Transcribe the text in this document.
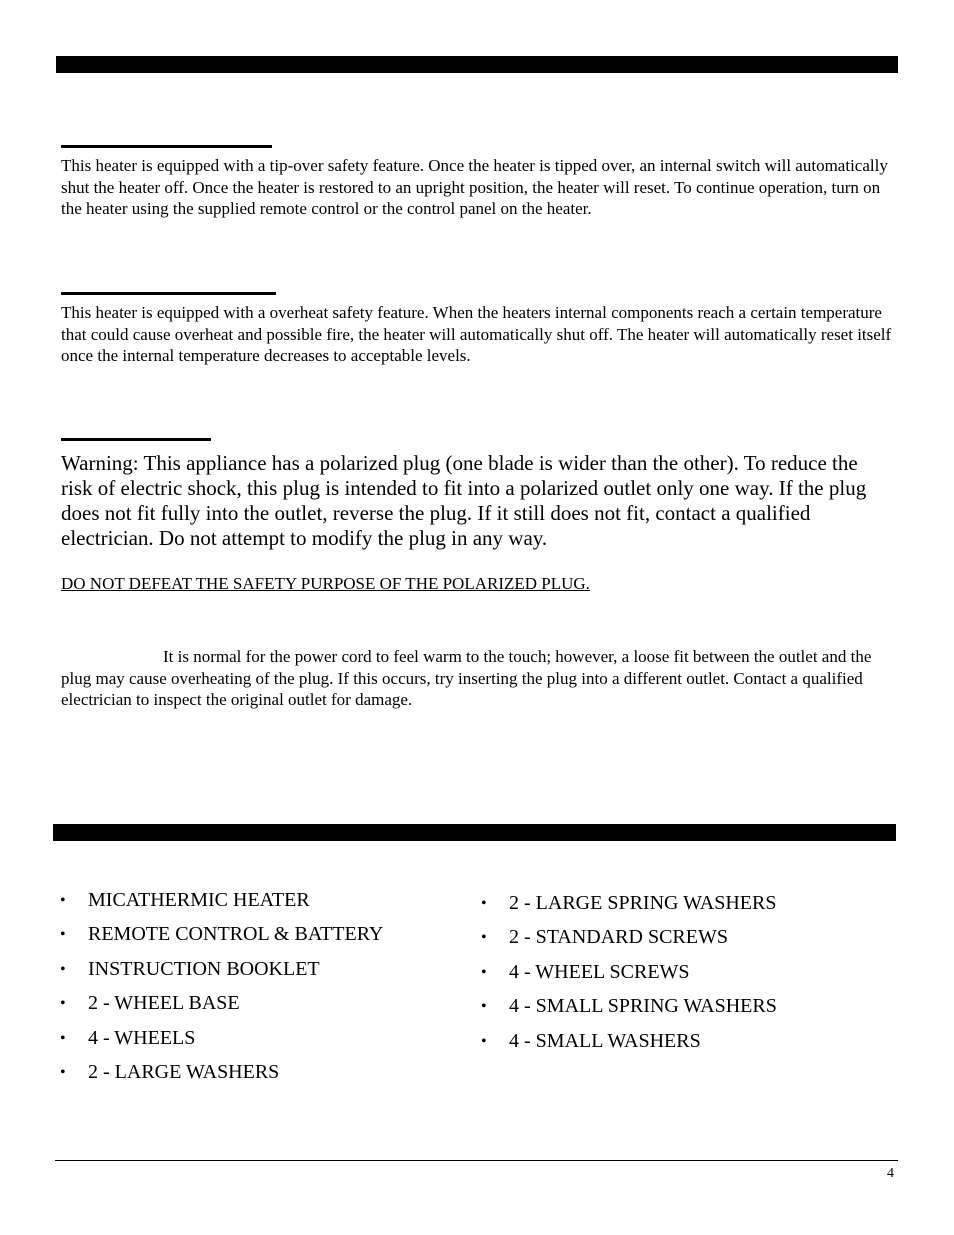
This heater is equipped with a tip-over safety feature. Once the heater is tipped over, an internal switch will automatically shut the heater off. Once the heater is restored to an upright position, the heater will reset. To continue operation, turn on the heater using the supplied remote control or the control panel on the heater.

This heater is equipped with a overheat safety feature. When the heaters internal components reach a certain temperature that could cause overheat and possible fire, the heater will automatically shut off. The heater will automatically reset itself once the internal temperature decreases to acceptable levels.

Warning: This appliance has a polarized plug (one blade is wider than the other). To reduce the risk of electric shock, this plug is intended to fit into a polarized outlet only one way. If the plug does not fit fully into the outlet, reverse the plug. If it still does not fit, contact a qualified electrician. Do not attempt to modify the plug in any way.

DO NOT DEFEAT THE SAFETY PURPOSE OF THE POLARIZED PLUG.

It is normal for the power cord to feel warm to the touch; however, a loose fit between the outlet and the plug may cause overheating of the plug. If this occurs, try inserting the plug into a different outlet. Contact a qualified electrician to inspect the original outlet for damage.

• MICATHERMIC HEATER
• REMOTE CONTROL & BATTERY
• INSTRUCTION BOOKLET
• 2 - WHEEL BASE
• 4 - WHEELS
• 2 - LARGE WASHERS
• 2 - LARGE SPRING WASHERS
• 2 - STANDARD SCREWS
• 4 - WHEEL SCREWS
• 4 - SMALL SPRING WASHERS
• 4 - SMALL WASHERS
4
